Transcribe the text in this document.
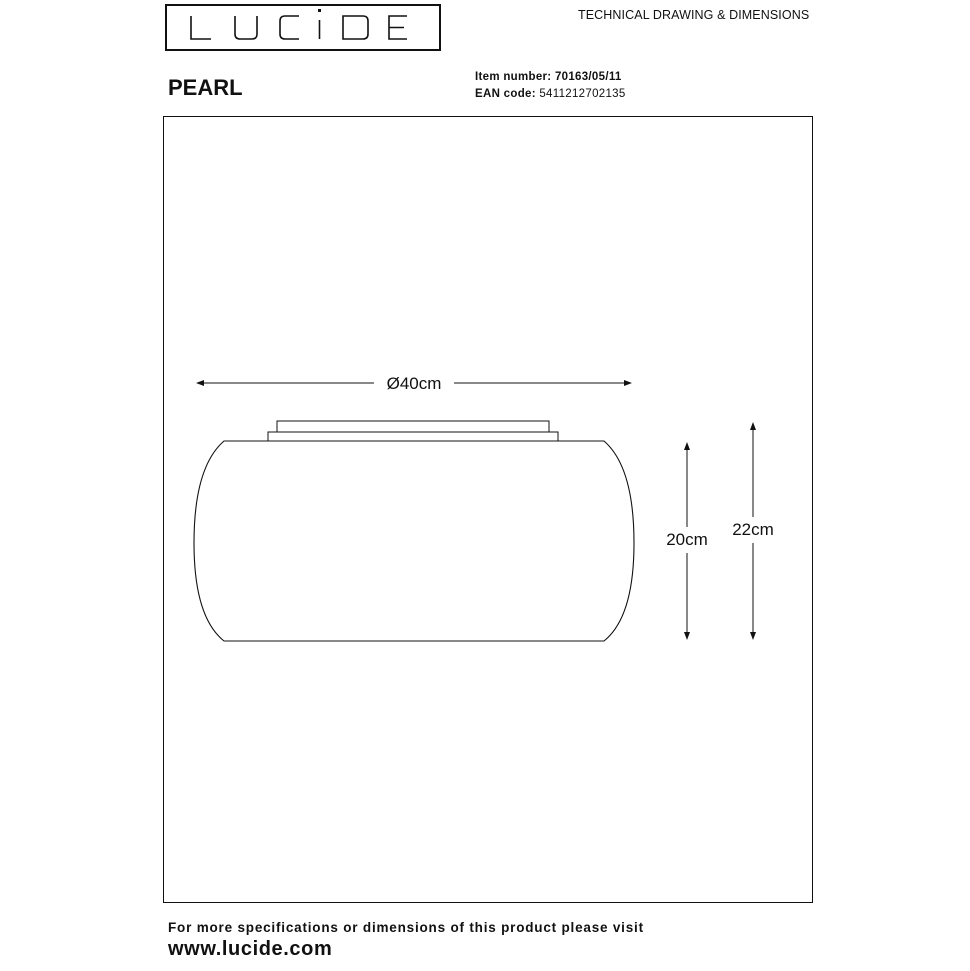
TECHNICAL DRAWING & DIMENSIONS
PEARL	Item number: 70163/05/11
EAN code: 5411212702135
Ø40cm
20cm
22cm
For more specifications or dimensions of this product please visit
www.lucide.com
